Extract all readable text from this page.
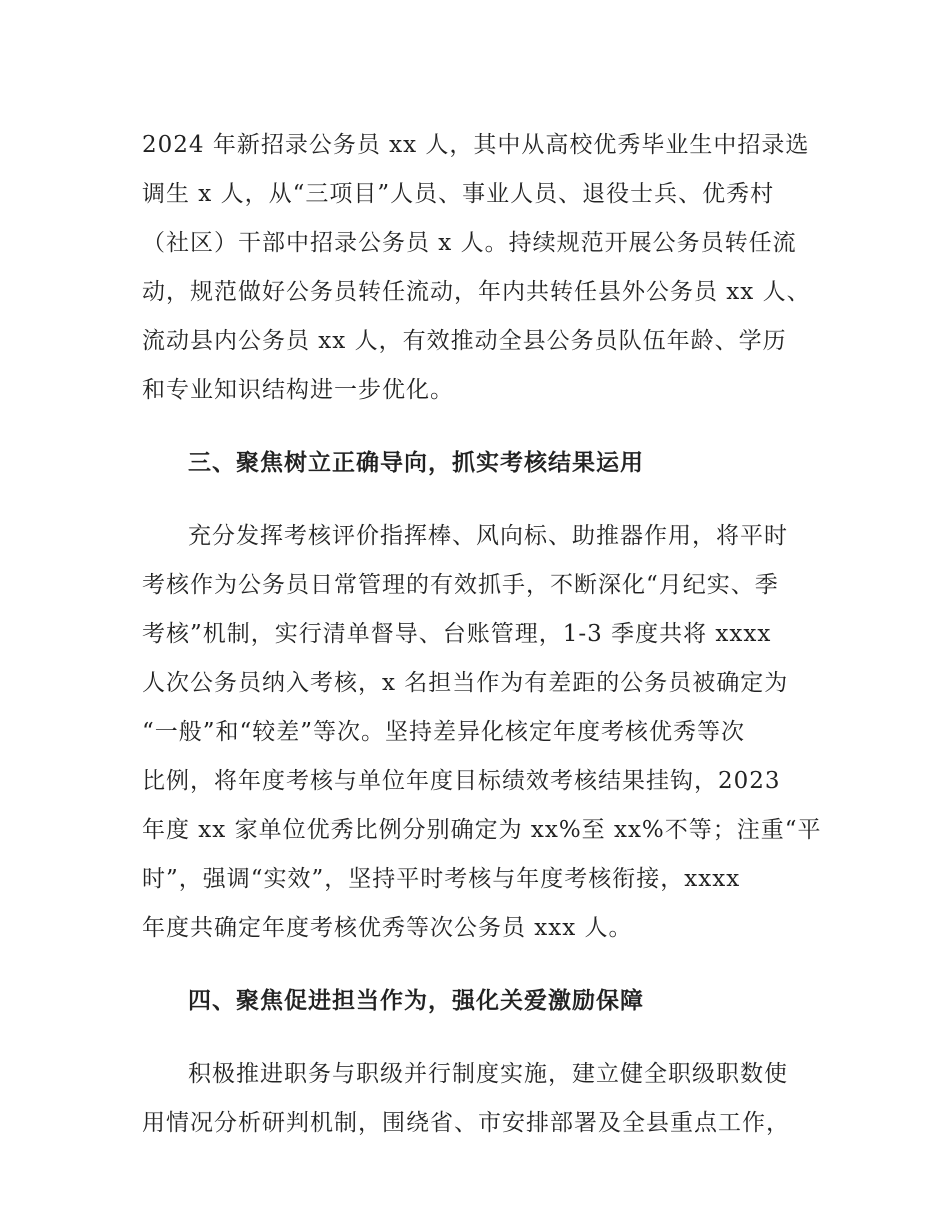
2024 年新招录公务员 xx 人，其中从高校优秀毕业生中招录选
调生 x 人，从“三项目”人员、事业人员、退役士兵、优秀村
（社区）干部中招录公务员 x 人。持续规范开展公务员转任流
动，规范做好公务员转任流动，年内共转任县外公务员 xx 人、
流动县内公务员 xx 人，有效推动全县公务员队伍年龄、学历
和专业知识结构进一步优化。

三、聚焦树立正确导向，抓实考核结果运用

充分发挥考核评价指挥棒、风向标、助推器作用，将平时
考核作为公务员日常管理的有效抓手，不断深化“月纪实、季
考核”机制，实行清单督导、台账管理，1-3 季度共将 xxxx
人次公务员纳入考核，x 名担当作为有差距的公务员被确定为
“一般”和“较差”等次。坚持差异化核定年度考核优秀等次
比例，将年度考核与单位年度目标绩效考核结果挂钩，2023
年度 xx 家单位优秀比例分别确定为 xx%至 xx%不等；注重“平
时”，强调“实效”，坚持平时考核与年度考核衔接，xxxx
年度共确定年度考核优秀等次公务员 xxx 人。

四、聚焦促进担当作为，强化关爱激励保障

积极推进职务与职级并行制度实施，建立健全职级职数使
用情况分析研判机制，围绕省、市安排部署及全县重点工作，
